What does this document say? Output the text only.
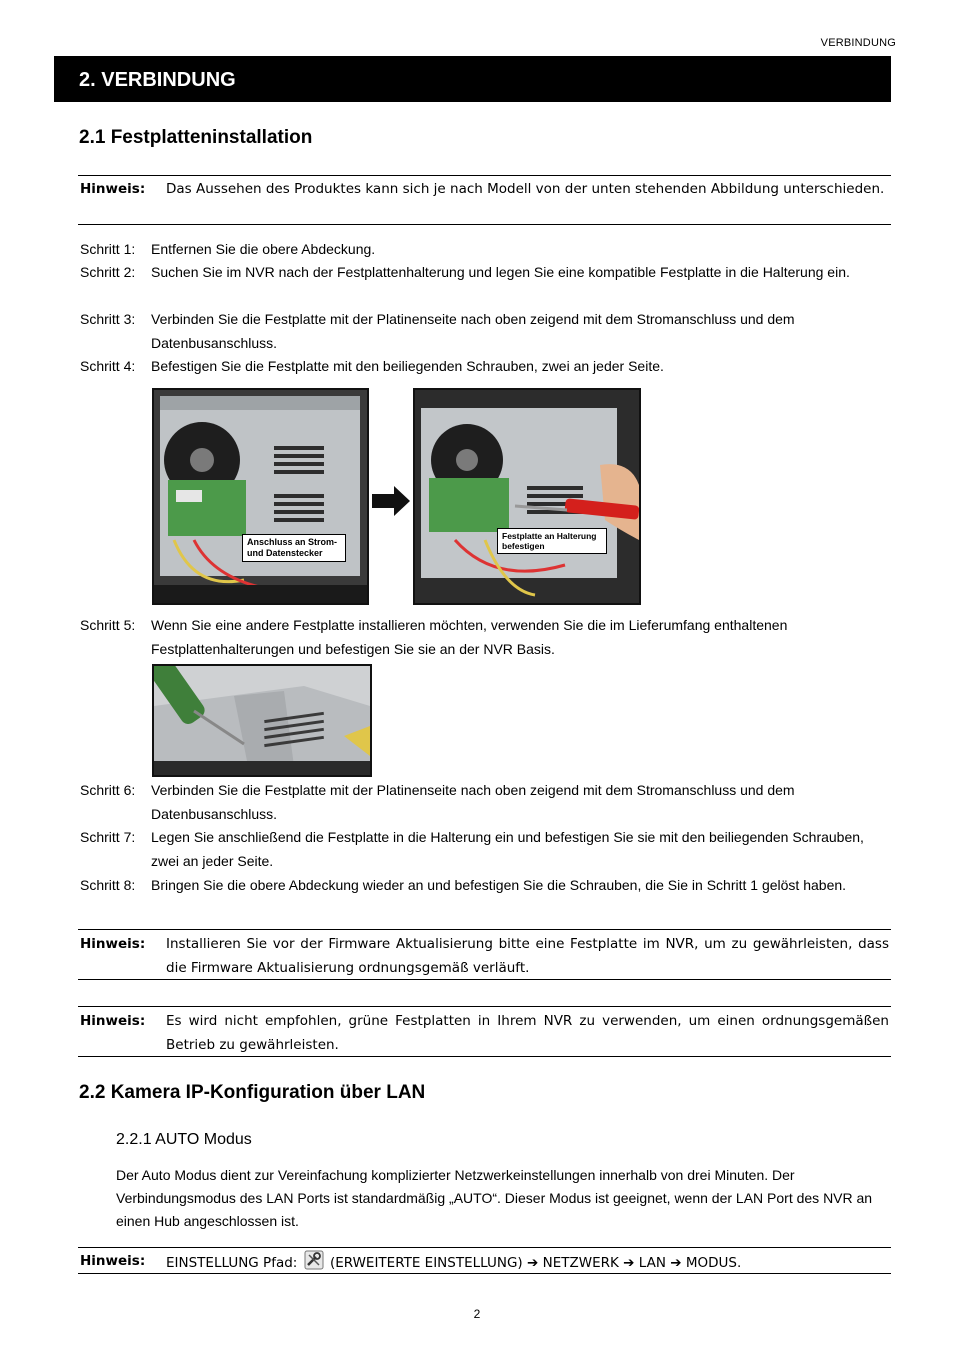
VERBINDUNG
2. VERBINDUNG
2.1 Festplatteninstallation
Hinweis: Das Aussehen des Produktes kann sich je nach Modell von der unten stehenden Abbildung unterschieden.
Schritt 1: Entfernen Sie die obere Abdeckung.
Schritt 2: Suchen Sie im NVR nach der Festplattenhalterung und legen Sie eine kompatible Festplatte in die Halterung ein.
Schritt 3: Verbinden Sie die Festplatte mit der Platinenseite nach oben zeigend mit dem Stromanschluss und dem Datenbusanschluss.
Schritt 4: Befestigen Sie die Festplatte mit den beiliegenden Schrauben, zwei an jeder Seite.
Anschluss an Strom- und Datenstecker
Festplatte an Halterung befestigen
Schritt 5: Wenn Sie eine andere Festplatte installieren möchten, verwenden Sie die im Lieferumfang enthaltenen Festplattenhalterungen und befestigen Sie sie an der NVR Basis.
Schritt 6: Verbinden Sie die Festplatte mit der Platinenseite nach oben zeigend mit dem Stromanschluss und dem Datenbusanschluss.
Schritt 7: Legen Sie anschließend die Festplatte in die Halterung ein und befestigen Sie sie mit den beiliegenden Schrauben, zwei an jeder Seite.
Schritt 8: Bringen Sie die obere Abdeckung wieder an und befestigen Sie die Schrauben, die Sie in Schritt 1 gelöst haben.
Hinweis: Installieren Sie vor der Firmware Aktualisierung bitte eine Festplatte im NVR, um zu gewährleisten, dass die Firmware Aktualisierung ordnungsgemäß verläuft.
Hinweis: Es wird nicht empfohlen, grüne Festplatten in Ihrem NVR zu verwenden, um einen ordnungsgemäßen Betrieb zu gewährleisten.
2.2 Kamera IP-Konfiguration über LAN
2.2.1 AUTO Modus
Der Auto Modus dient zur Vereinfachung komplizierter Netzwerkeinstellungen innerhalb von drei Minuten. Der Verbindungsmodus des LAN Ports ist standardmäßig „AUTO“. Dieser Modus ist geeignet, wenn der LAN Port des NVR an einen Hub angeschlossen ist.
Hinweis: EINSTELLUNG Pfad: (ERWEITERTE EINSTELLUNG) ➔ NETZWERK ➔ LAN ➔ MODUS.
2
